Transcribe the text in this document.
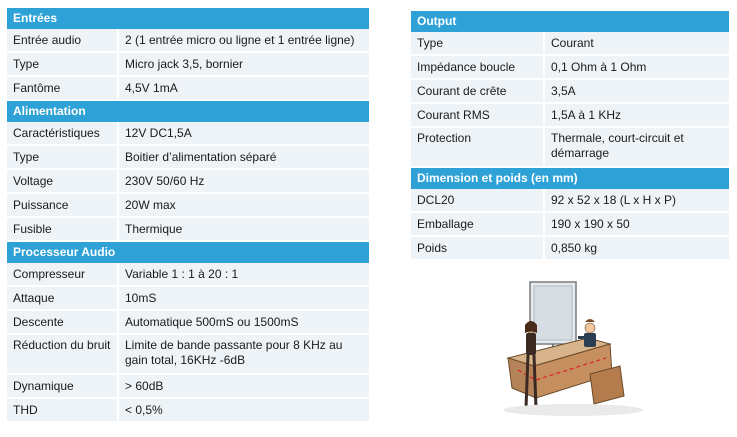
Entrées	
Entrée audio	2 (1 entrée micro ou ligne et 1 entrée ligne)
Type	Micro jack 3,5, bornier
Fantôme	4,5V 1mA
Alimentation	
Caractéristiques	12V DC1,5A
Type	Boitier d’alimentation séparé
Voltage	230V 50/60 Hz
Puissance	20W max
Fusible	Thermique
Processeur Audio	
Compresseur	Variable 1 : 1 à 20 : 1
Attaque	10mS
Descente	Automatique 500mS ou 1500mS
Réduction du bruit	Limite de bande passante pour 8 KHz au gain total, 16KHz -6dB
Dynamique	> 60dB
THD	< 0,5%
Output	
Type	Courant
Impédance boucle	0,1 Ohm à 1 Ohm
Courant de crête	3,5A
Courant RMS	1,5A à 1 KHz
Protection	Thermale, court-circuit et démarrage
Dimension et poids (en mm)	
DCL20	92 x 52 x 18 (L x H x P)
Emballage	190 x 190 x 50
Poids	0,850 kg
